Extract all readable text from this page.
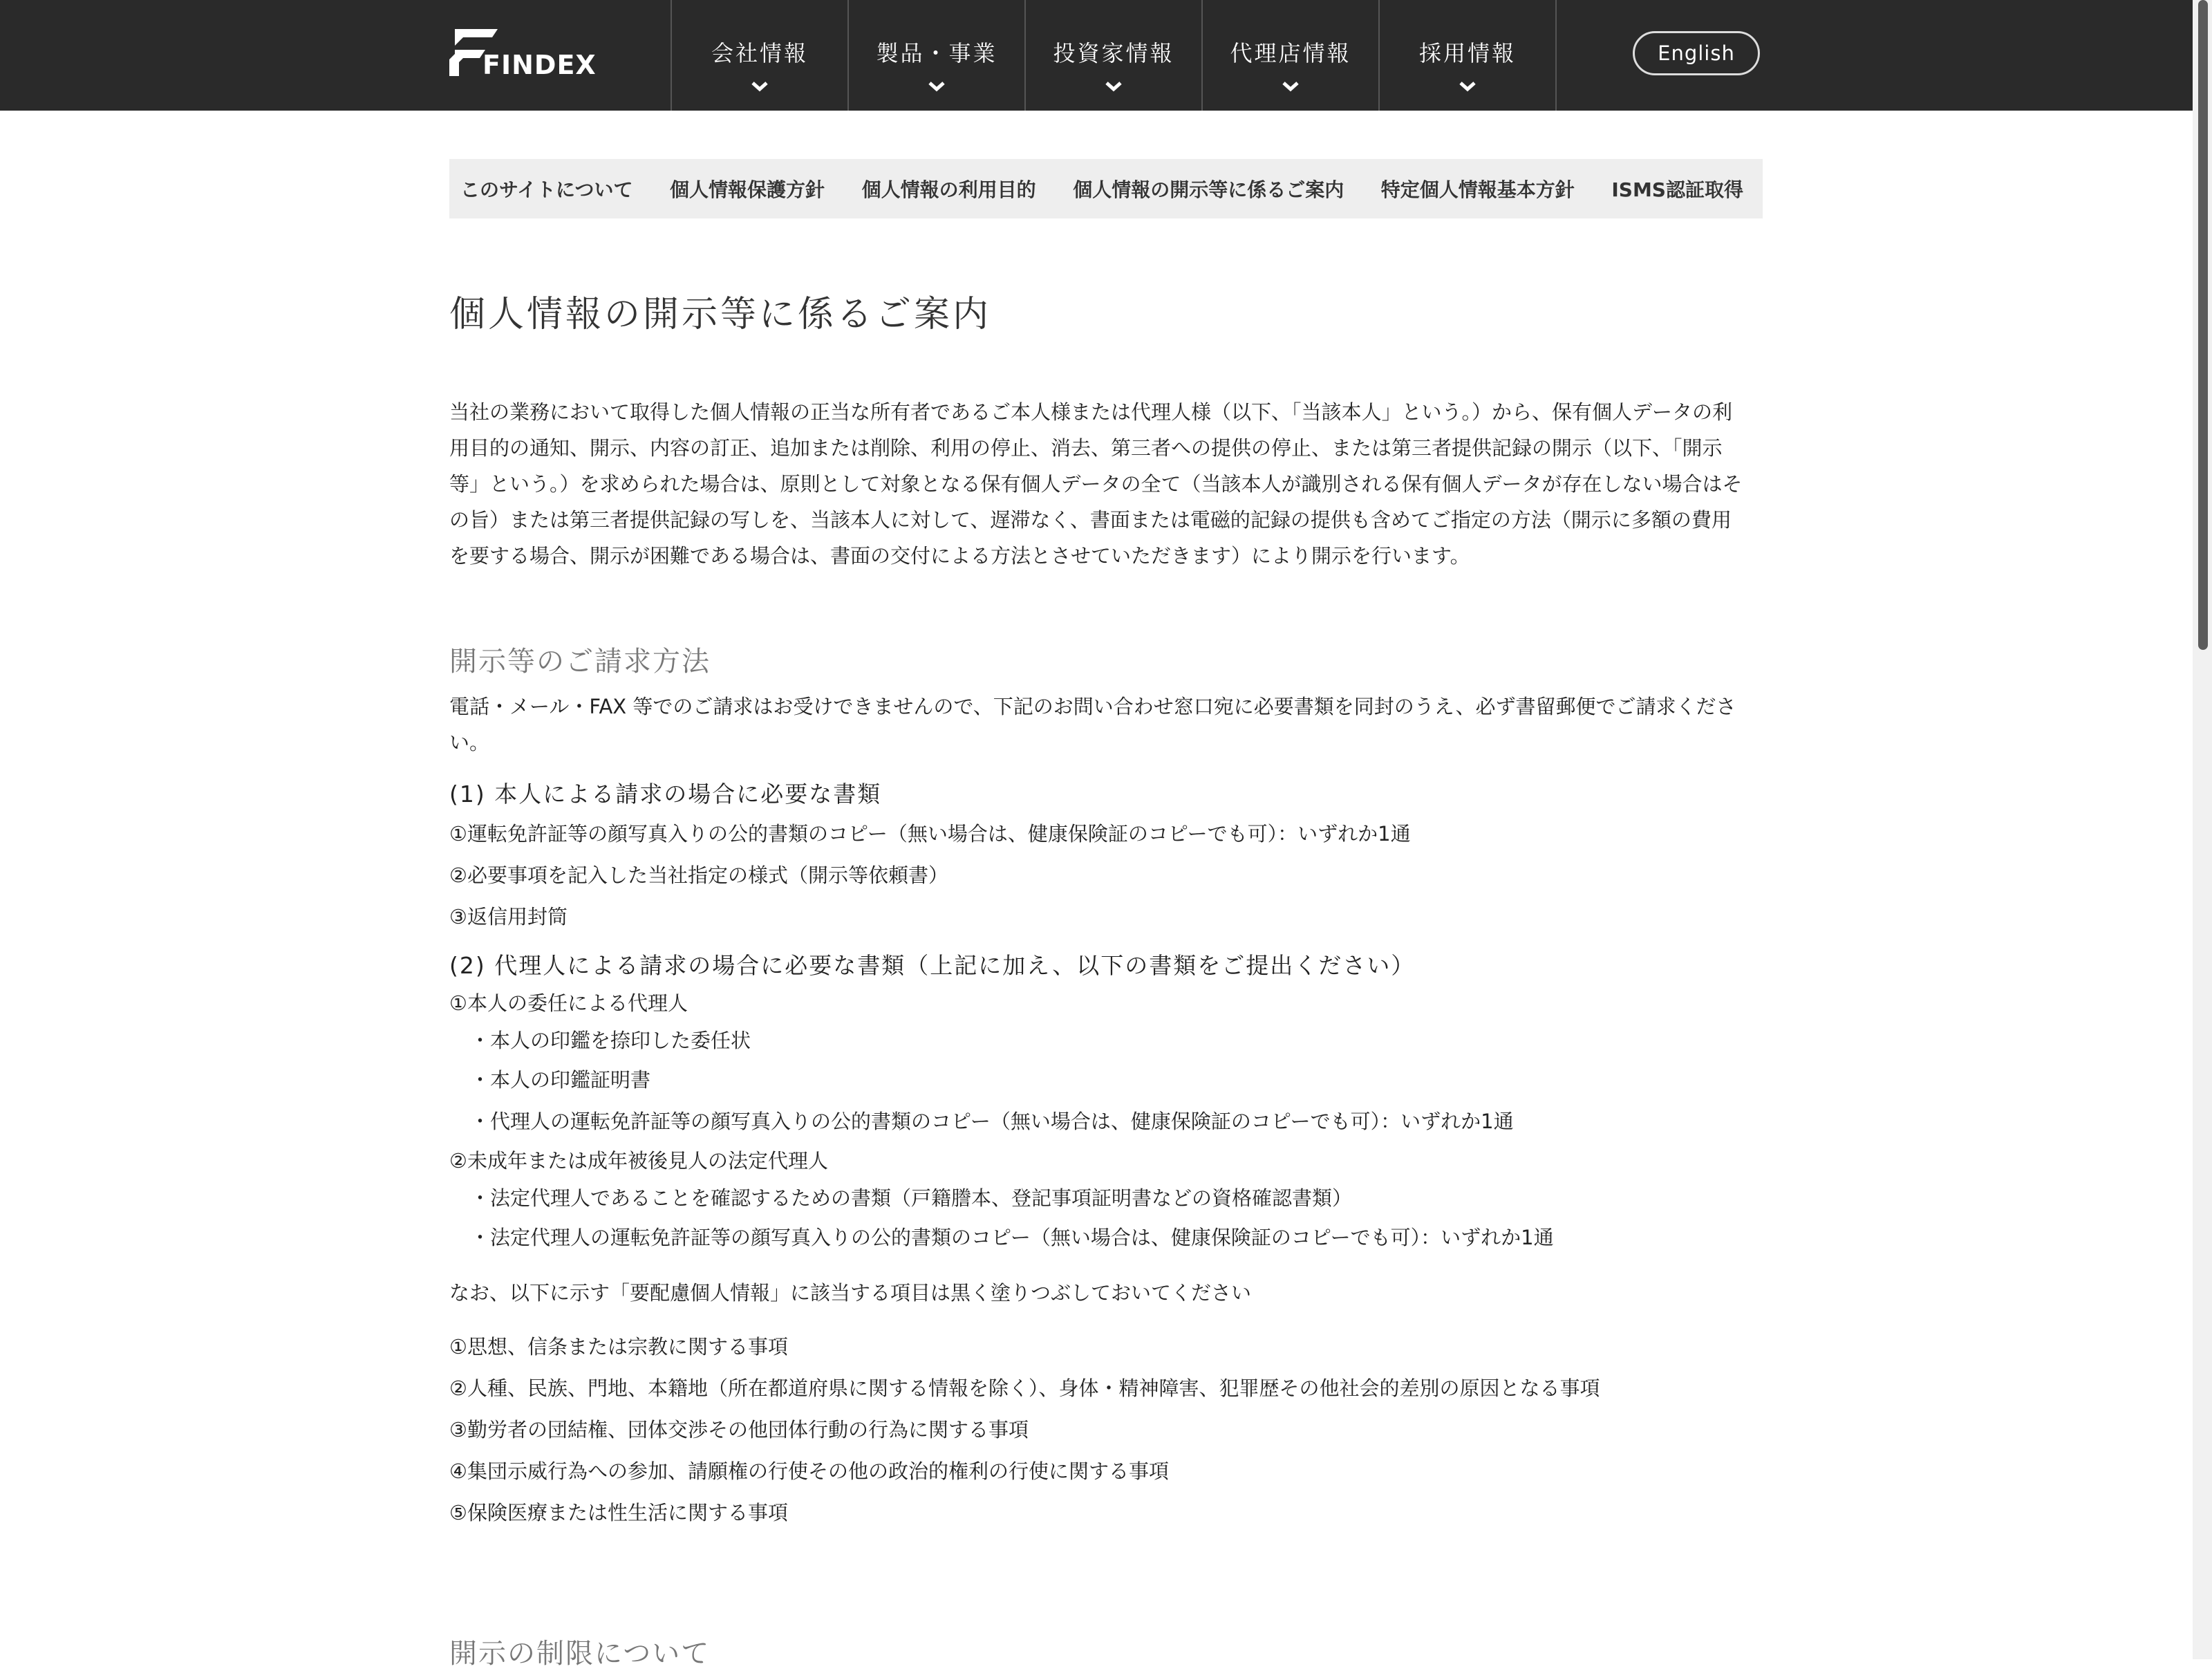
FINDEX	会社情報	製品・事業	投資家情報	代理店情報	採用情報	English
このサイトについて 個人情報保護方針 個人情報の利用目的 個人情報の開示等に係るご案内 特定個人情報基本方針 ISMS認証取得
個人情報の開示等に係るご案内

当社の業務において取得した個人情報の正当な所有者であるご本人様または代理人様（以下、「当該本人」という。）から、保有個人データの利用目的の通知、開示、内容の訂正、追加または削除、利用の停止、消去、第三者への提供の停止、または第三者提供記録の開示（以下、「開示等」という。）を求められた場合は、原則として対象となる保有個人データの全て（当該本人が識別される保有個人データが存在しない場合はその旨）または第三者提供記録の写しを、当該本人に対して、遅滞なく、書面または電磁的記録の提供も含めてご指定の方法（開示に多額の費用を要する場合、開示が困難である場合は、書面の交付による方法とさせていただきます）により開示を行います。

開示等のご請求方法
電話・メール・FAX 等でのご請求はお受けできませんので、下記のお問い合わせ窓口宛に必要書類を同封のうえ、必ず書留郵便でご請求ください。
(1) 本人による請求の場合に必要な書類
①運転免許証等の顔写真入りの公的書類のコピー（無い場合は、健康保険証のコピーでも可）：いずれか1通
②必要事項を記入した当社指定の様式（開示等依頼書）
③返信用封筒
(2) 代理人による請求の場合に必要な書類（上記に加え、以下の書類をご提出ください）
①本人の委任による代理人
・本人の印鑑を捺印した委任状
・本人の印鑑証明書
・代理人の運転免許証等の顔写真入りの公的書類のコピー（無い場合は、健康保険証のコピーでも可）：いずれか1通
②未成年または成年被後見人の法定代理人
・法定代理人であることを確認するための書類（戸籍謄本、登記事項証明書などの資格確認書類）
・法定代理人の運転免許証等の顔写真入りの公的書類のコピー（無い場合は、健康保険証のコピーでも可）：いずれか1通
なお、以下に示す「要配慮個人情報」に該当する項目は黒く塗りつぶしておいてください
①思想、信条または宗教に関する事項
②人種、民族、門地、本籍地（所在都道府県に関する情報を除く）、身体・精神障害、犯罪歴その他社会的差別の原因となる事項
③勤労者の団結権、団体交渉その他団体行動の行為に関する事項
④集団示威行為への参加、請願権の行使その他の政治的権利の行使に関する事項
⑤保険医療または性生活に関する事項
開示の制限について
